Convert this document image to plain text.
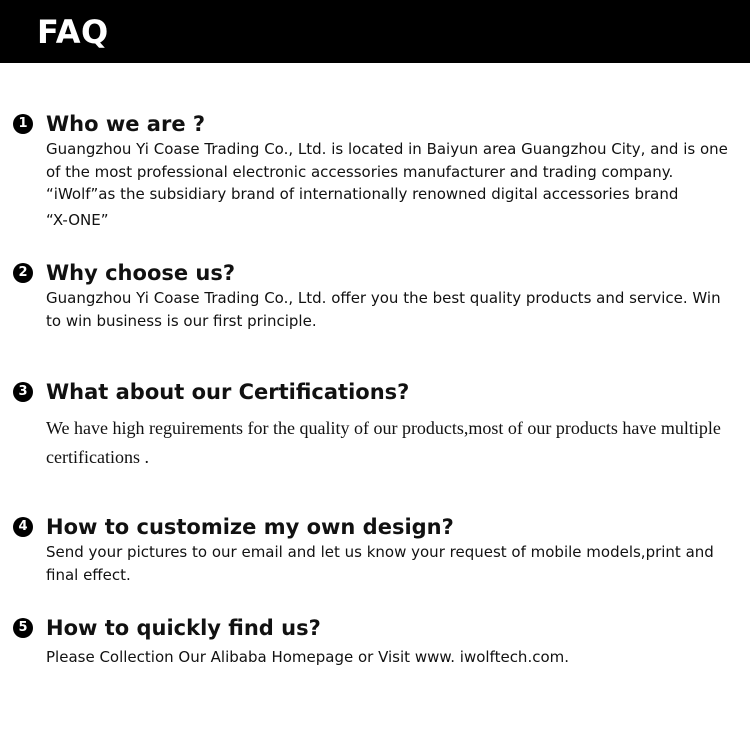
FAQ
1 Who we are ?

Guangzhou Yi Coase Trading Co., Ltd. is located in Baiyun area Guangzhou City, and is one of the most professional electronic accessories manufacturer and trading company.

“iWolf”as the subsidiary brand of internationally renowned digital accessories brand

“X-ONE”

2 Why choose us?

Guangzhou Yi Coase Trading Co., Ltd. offer you the best quality products and service. Win to win business is our first principle.

3 What about our Certifications?

We have high reguirements for the quality of our products,most of our products have multiple certifications .

4 How to customize my own design?

Send your pictures to our email and let us know your request of mobile models,print and final effect.

5 How to quickly find us?

Please Collection Our Alibaba Homepage or Visit www. iwolftech.com.
